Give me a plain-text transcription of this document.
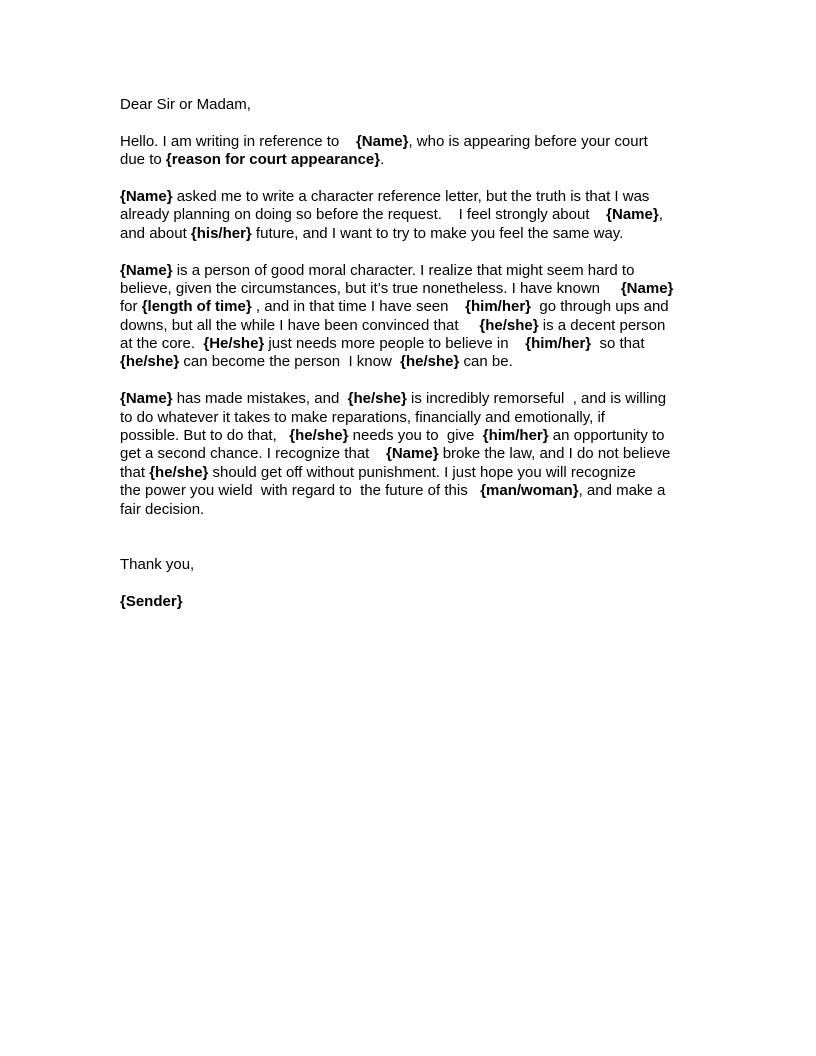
Dear Sir or Madam,
Hello. I am writing in reference to    {Name}, who is appearing before your court
due to {reason for court appearance}.
{Name} asked me to write a character reference letter, but the truth is that I was
already planning on doing so before the request.    I feel strongly about    {Name},
and about {his/her} future, and I want to try to make you feel the same way.
{Name} is a person of good moral character. I realize that might seem hard to
believe, given the circumstances, but it’s true nonetheless. I have known     {Name}
for {length of time} , and in that time I have seen    {him/her}  go through ups and
downs, but all the while I have been convinced that     {he/she} is a decent person
at the core.  {He/she} just needs more people to believe in    {him/her}  so that
{he/she} can become the person  I know  {he/she} can be.
{Name} has made mistakes, and  {he/she} is incredibly remorseful  , and is willing
to do whatever it takes to make reparations, financially and emotionally, if
possible. But to do that,   {he/she} needs you to  give  {him/her} an opportunity to
get a second chance. I recognize that    {Name} broke the law, and I do not believe
that {he/she} should get off without punishment. I just hope you will recognize
the power you wield  with regard to  the future of this   {man/woman}, and make a
fair decision.
Thank you,
{Sender}
